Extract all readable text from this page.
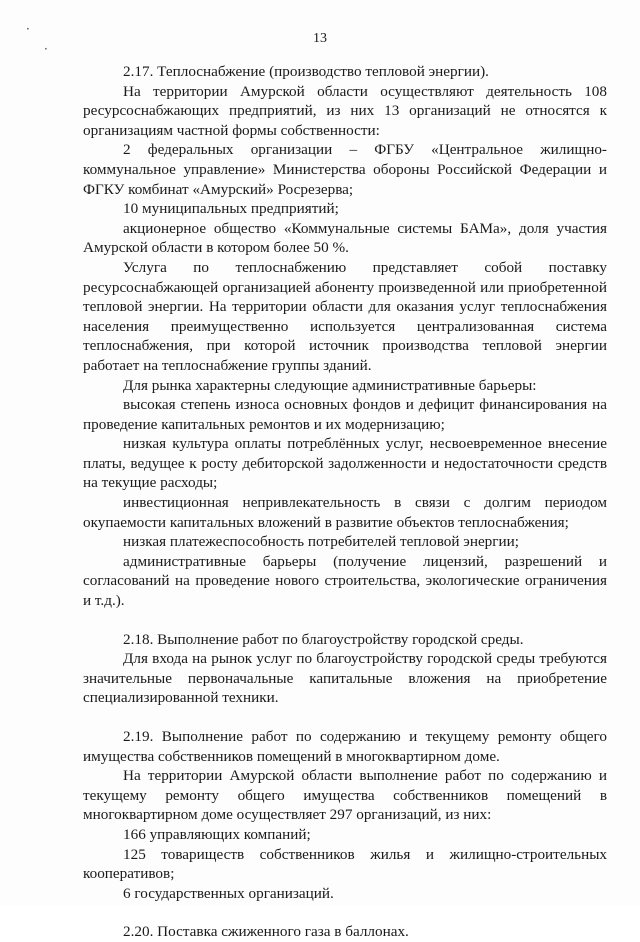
·
·
13

2.17. Теплоснабжение (производство тепловой энергии).

На территории Амурской области осуществляют деятельность 108 ресурсоснабжающих предприятий, из них 13 организаций не относятся к организациям частной формы собственности:

2 федеральных организации – ФГБУ «Центральное жилищно-коммунальное управление» Министерства обороны Российской Федерации и ФГКУ комбинат «Амурский» Росрезерва;

10 муниципальных предприятий;

акционерное общество «Коммунальные системы БАМа», доля участия Амурской области в котором более 50 %.

Услуга по теплоснабжению представляет собой поставку ресурсоснабжающей организацией абоненту произведенной или приобретенной тепловой энергии. На территории области для оказания услуг теплоснабжения населения преимущественно используется централизованная система теплоснабжения, при которой источник производства тепловой энергии работает на теплоснабжение группы зданий.

Для рынка характерны следующие административные барьеры:

высокая степень износа основных фондов и дефицит финансирования на проведение капитальных ремонтов и их модернизацию;

низкая культура оплаты потреблённых услуг, несвоевременное внесение платы, ведущее к росту дебиторской задолженности и недостаточности средств на текущие расходы;

инвестиционная непривлекательность в связи с долгим периодом окупаемости капитальных вложений в развитие объектов теплоснабжения;

низкая платежеспособность потребителей тепловой энергии;

административные барьеры (получение лицензий, разрешений и согласований на проведение нового строительства, экологические ограничения и т.д.).

2.18. Выполнение работ по благоустройству городской среды.

Для входа на рынок услуг по благоустройству городской среды требуются значительные первоначальные капитальные вложения на приобретение специализированной техники.

2.19. Выполнение работ по содержанию и текущему ремонту общего имущества собственников помещений в многоквартирном доме.

На территории Амурской области выполнение работ по содержанию и текущему ремонту общего имущества собственников помещений в многоквартирном доме осуществляет 297 организаций, из них:

166 управляющих компаний;

125 товариществ собственников жилья и жилищно-строительных кооперативов;

6 государственных организаций.

2.20. Поставка сжиженного газа в баллонах.
